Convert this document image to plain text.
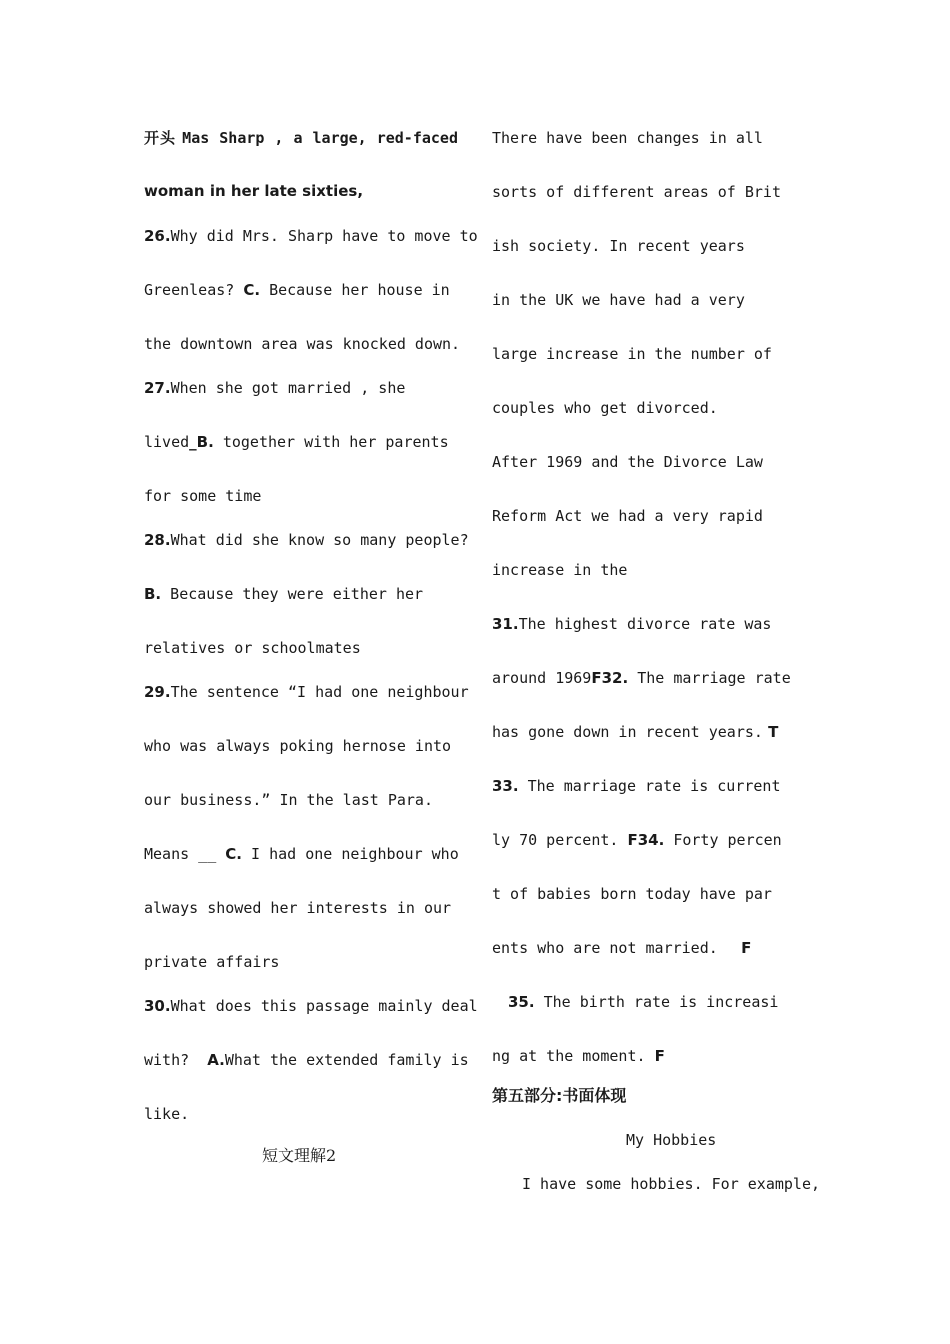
开头 Mas Sharp , a large, red-faced
woman in her late sixties,
26.Why did Mrs. Sharp have to move to
Greenleas? C. Because her house in
the downtown area was knocked down.
27.When she got married , she
lived_B. together with her parents
for some time
28.What did she know so many people?
B. Because they were either her
relatives or schoolmates
29.The sentence “I had one neighbour
who was always poking hernose into
our business.” In the last Para.
Means __ C. I had one neighbour who
always showed her interests in our
private affairs
30.What does this passage mainly deal
with?  A.What the extended family is
like.
短文理解2
There have been changes in all
sorts of different areas of Brit
ish society. In recent years
in the UK we have had a very
large increase in the number of
couples who get divorced.
After 1969 and the Divorce Law
Reform Act we had a very rapid
increase in the
31.The highest divorce rate was
around 1969F32. The marriage rate
has gone down in recent years. T
33. The marriage rate is current
ly 70 percent. F34. Forty percen
t of babies born today have par
ents who are not married.   F
35. The birth rate is increasi
ng at the moment. F
第五部分:书面体现
My Hobbies
I have some hobbies. For example,
